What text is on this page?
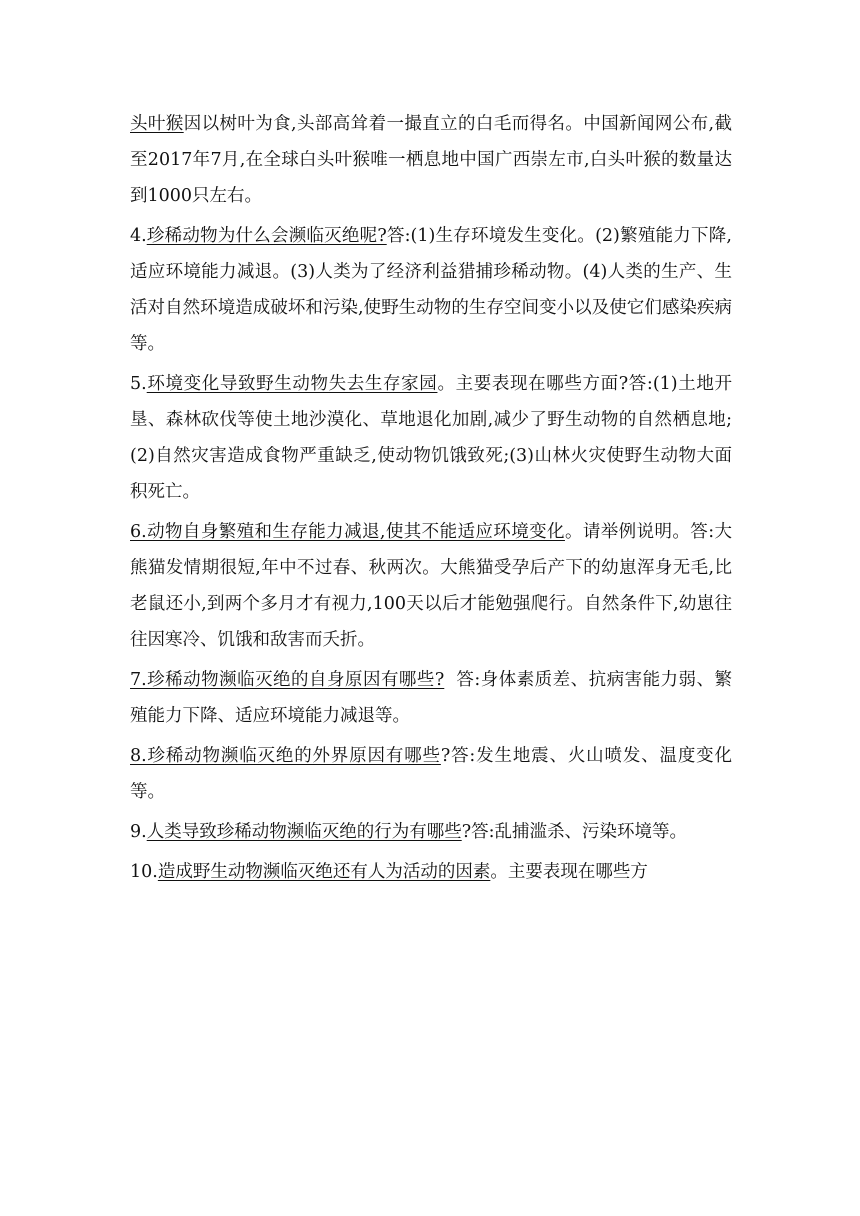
头叶猴因以树叶为食,头部高耸着一撮直立的白毛而得名。中国新闻网公布,截至2017年7月,在全球白头叶猴唯一栖息地中国广西崇左市,白头叶猴的数量达到1000只左右。

4.珍稀动物为什么会濒临灭绝呢?答:(1)生存环境发生变化。(2)繁殖能力下降,适应环境能力减退。(3)人类为了经济利益猎捕珍稀动物。(4)人类的生产、生活对自然环境造成破坏和污染,使野生动物的生存空间变小以及使它们感染疾病等。

5.环境变化导致野生动物失去生存家园。主要表现在哪些方面?答:(1)土地开垦、森林砍伐等使土地沙漠化、草地退化加剧,减少了野生动物的自然栖息地;(2)自然灾害造成食物严重缺乏,使动物饥饿致死;(3)山林火灾使野生动物大面积死亡。

6.动物自身繁殖和生存能力减退,使其不能适应环境变化。请举例说明。答:大熊猫发情期很短,年中不过春、秋两次。大熊猫受孕后产下的幼崽浑身无毛,比老鼠还小,到两个多月才有视力,100天以后才能勉强爬行。自然条件下,幼崽往往因寒冷、饥饿和敌害而夭折。

7.珍稀动物濒临灭绝的自身原因有哪些?  答:身体素质差、抗病害能力弱、繁殖能力下降、适应环境能力减退等。

8.珍稀动物濒临灭绝的外界原因有哪些?答:发生地震、火山喷发、温度变化等。

9.人类导致珍稀动物濒临灭绝的行为有哪些?答:乱捕滥杀、污染环境等。

10.造成野生动物濒临灭绝还有人为活动的因素。主要表现在哪些方
